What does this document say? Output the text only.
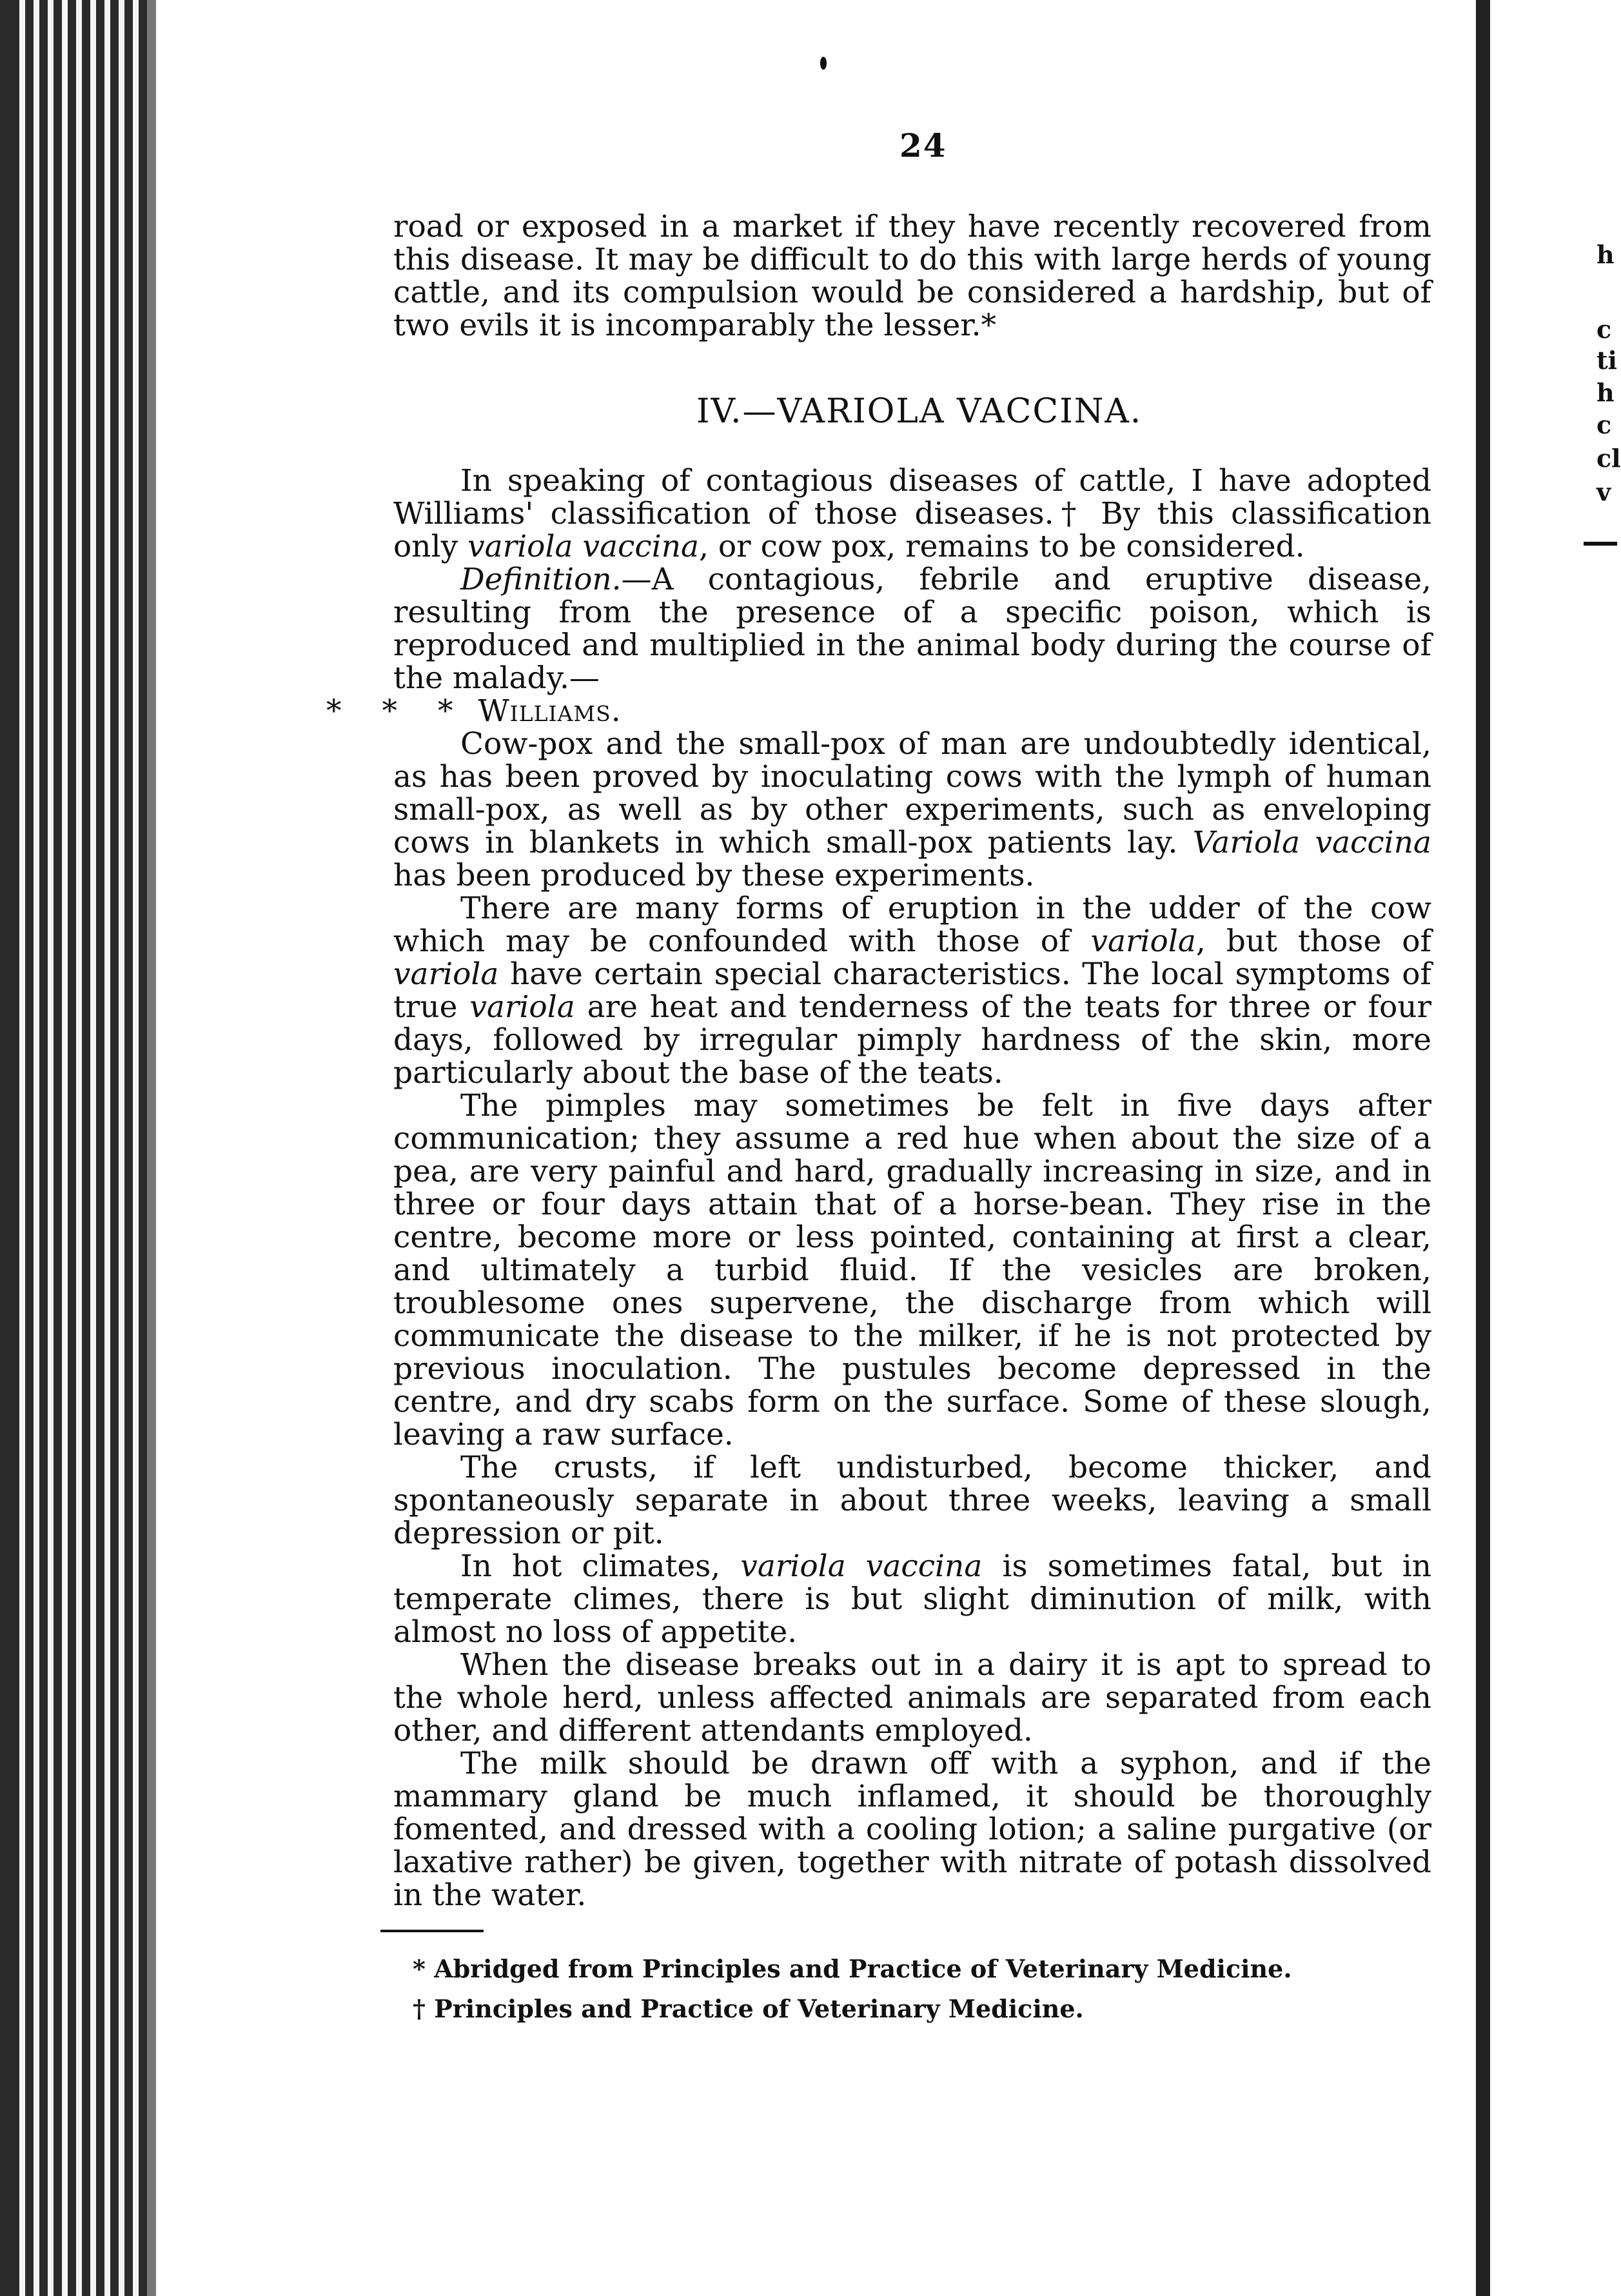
h
c
ti
h
c
cl
v
24

road or exposed in a market if they have recently recovered from this disease. It may be difficult to do this with large herds of young cattle, and its compulsion would be considered a hardship, but of two evils it is incomparably the lesser.*

IV.—VARIOLA VACCINA.

In speaking of contagious diseases of cattle, I have adopted Williams' classification of those diseases.† By this classification only variola vaccina, or cow pox, remains to be considered.

Definition.—A contagious, febrile and eruptive disease, resulting from the presence of a specific poison, which is reproduced and multiplied in the animal body during the course of the malady.—
* * * Williams.

Cow-pox and the small-pox of man are undoubtedly identical, as has been proved by inoculating cows with the lymph of human small-pox, as well as by other experiments, such as enveloping cows in blankets in which small-pox patients lay. Variola vaccina has been produced by these experiments.

There are many forms of eruption in the udder of the cow which may be confounded with those of variola, but those of variola have certain special characteristics. The local symptoms of true variola are heat and tenderness of the teats for three or four days, followed by irregular pimply hardness of the skin, more particularly about the base of the teats.

The pimples may sometimes be felt in five days after communication; they assume a red hue when about the size of a pea, are very painful and hard, gradually increasing in size, and in three or four days attain that of a horse-bean. They rise in the centre, become more or less pointed, containing at first a clear, and ultimately a turbid fluid. If the vesicles are broken, troublesome ones supervene, the discharge from which will communicate the disease to the milker, if he is not protected by previous inoculation. The pustules become depressed in the centre, and dry scabs form on the surface. Some of these slough, leaving a raw surface.

The crusts, if left undisturbed, become thicker, and spontaneously separate in about three weeks, leaving a small depression or pit.

In hot climates, variola vaccina is sometimes fatal, but in temperate climes, there is but slight diminution of milk, with almost no loss of appetite.

When the disease breaks out in a dairy it is apt to spread to the whole herd, unless affected animals are separated from each other, and different attendants employed.

The milk should be drawn off with a syphon, and if the mammary gland be much inflamed, it should be thoroughly fomented, and dressed with a cooling lotion; a saline purgative (or laxative rather) be given, together with nitrate of potash dissolved in the water.

* Abridged from Principles and Practice of Veterinary Medicine.
† Principles and Practice of Veterinary Medicine.
